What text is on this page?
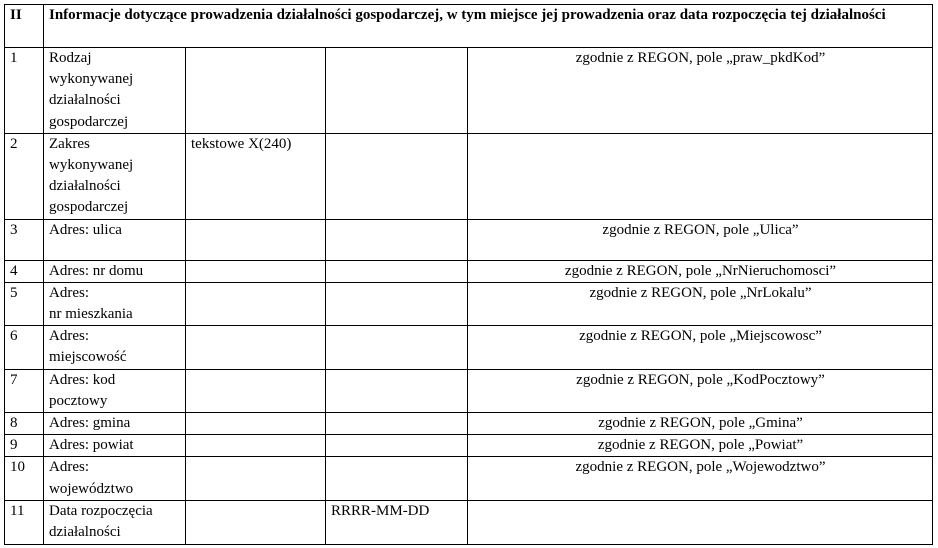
II	Informacje dotyczące prowadzenia działalności gospodarczej, w tym miejsce jej prowadzenia oraz data rozpoczęcia tej działalności			
1	Rodzaj
wykonywanej
działalności
gospodarczej			zgodnie z REGON, pole „praw_pkdKod”
2	Zakres
wykonywanej
działalności
gospodarczej	tekstowe X(240)		
3	Adres: ulica			zgodnie z REGON, pole „Ulica”
4	Adres: nr domu			zgodnie z REGON, pole „NrNieruchomosci”
5	Adres:
nr mieszkania			zgodnie z REGON, pole „NrLokalu”
6	Adres:
miejscowość			zgodnie z REGON, pole „Miejscowosc”
7	Adres: kod
pocztowy			zgodnie z REGON, pole „KodPocztowy”
8	Adres: gmina			zgodnie z REGON, pole „Gmina”
9	Adres: powiat			zgodnie z REGON, pole „Powiat”
10	Adres:
województwo			zgodnie z REGON, pole „Wojewodztwo”
11	Data rozpoczęcia
działalności		RRRR-MM-DD	
